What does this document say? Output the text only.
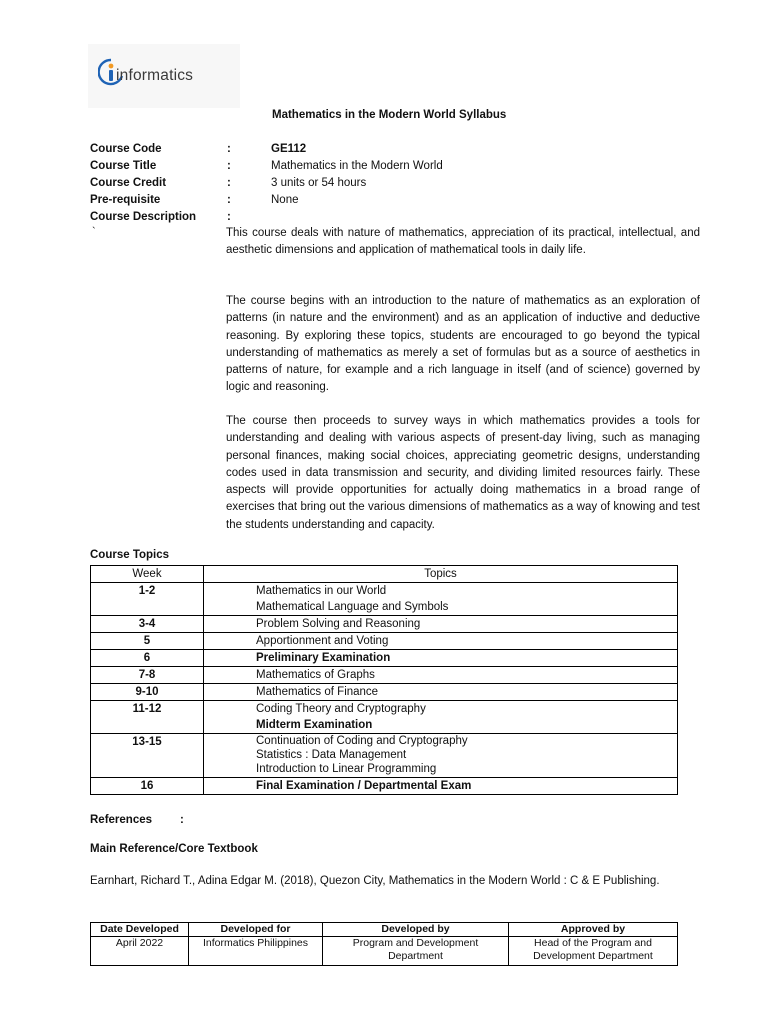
informatics
Mathematics in the Modern World Syllabus
Course Code	:	GE112
Course Title	:	Mathematics in the Modern World
Course Credit	:	3 units or 54 hours
Pre-requisite	:	None
Course Description	:
`	This course deals with nature of mathematics, appreciation of its practical, intellectual, and aesthetic dimensions and application of mathematical tools in daily life.

The course begins with an introduction to the nature of mathematics as an exploration of patterns (in nature and the environment) and as an application of inductive and deductive reasoning. By exploring these topics, students are encouraged to go beyond the typical understanding of mathematics as merely a set of formulas but as a source of aesthetics in patterns of nature, for example and a rich language in itself (and of science) governed by logic and reasoning.

The course then proceeds to survey ways in which mathematics provides a tools for understanding and dealing with various aspects of present-day living, such as managing personal finances, making social choices, appreciating geometric designs, understanding codes used in data transmission and security, and dividing limited resources fairly. These aspects will provide opportunities for actually doing mathematics in a broad range of exercises that bring out the various dimensions of mathematics as a way of knowing and test the students understanding and capacity.

Course Topics
Week	Topics
1-2	Mathematics in our World
Mathematical Language and Symbols

3-4	Problem Solving and Reasoning

5	Apportionment and Voting

6	Preliminary Examination

7-8	Mathematics of Graphs

9-10	Mathematics of Finance

11-12	Coding Theory and Cryptography
Midterm Examination

13-15	Continuation of Coding and Cryptography
Statistics : Data Management
Introduction to Linear Programming

16	Final Examination / Departmental Exam
References :
Main Reference/Core Textbook
Earnhart, Richard T., Adina Edgar M. (2018), Quezon City, Mathematics in the Modern World : C & E Publishing.
Date Developed	Developed for	Developed by	Approved by
April 2022	Informatics Philippines	Program and Development Department	Head of the Program and Development Department
